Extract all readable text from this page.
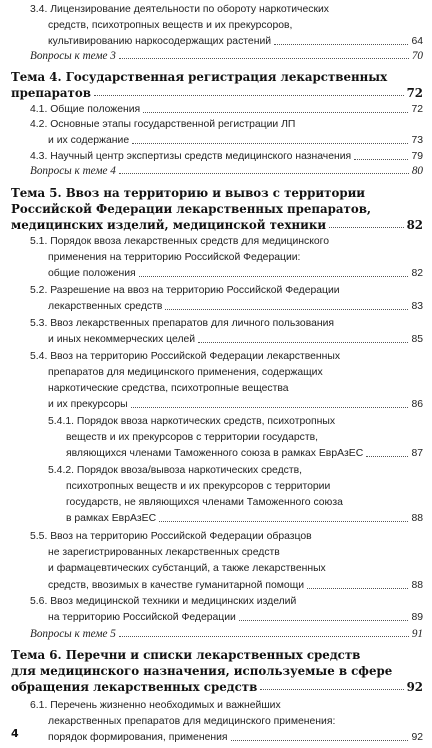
3.4. Лицензирование деятельности по обороту наркотических
средств, психотропных веществ и их прекурсоров,
культивированию наркосодержащих растений	64
Вопросы к теме 3	70
Тема 4. Государственная регистрация лекарственных
препаратов	72
4.1. Общие положения	72
4.2. Основные этапы государственной регистрации ЛП
и их содержание	73
4.3. Научный центр экспертизы средств медицинского назначения	79
Вопросы к теме 4	80
Тема 5. Ввоз на территорию и вывоз с территории
Российской Федерации лекарственных препаратов,
медицинских изделий, медицинской техники	82
5.1. Порядок ввоза лекарственных средств для медицинского
применения на территорию Российской Федерации:
общие положения	82
5.2. Разрешение на ввоз на территорию Российской Федерации
лекарственных средств	83
5.3. Ввоз лекарственных препаратов для личного пользования
и иных некоммерческих целей	85
5.4. Ввоз на территорию Российской Федерации лекарственных
препаратов для медицинского применения, содержащих
наркотические средства, психотропные вещества
и их прекурсоры	86
5.4.1. Порядок ввоза наркотических средств, психотропных
веществ и их прекурсоров с территории государств,
являющихся членами Таможенного союза в рамках ЕврАзЕС	87
5.4.2. Порядок ввоза/вывоза наркотических средств,
психотропных веществ и их прекурсоров с территории
государств, не являющихся членами Таможенного союза
в рамках ЕврАзЕС	88
5.5. Ввоз на территорию Российской Федерации образцов
не зарегистрированных лекарственных средств
и фармацевтических субстанций, а также лекарственных
средств, ввозимых в качестве гуманитарной помощи	88
5.6. Ввоз медицинской техники и медицинских изделий
на территорию Российской Федерации	89
Вопросы к теме 5	91
Тема 6. Перечни и списки лекарственных средств
для медицинского назначения, используемые в сфере
обращения лекарственных средств	92
6.1. Перечень жизненно необходимых и важнейших
лекарственных препаратов для медицинского применения:
порядок формирования, применения	92
4
